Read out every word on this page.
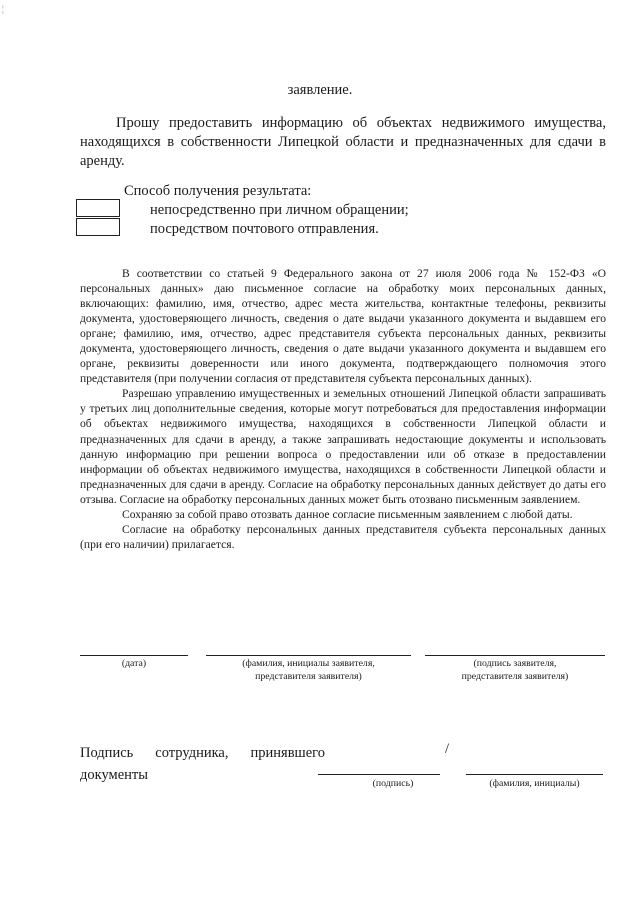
¦
заявление.

Прошу предоставить информацию об объектах недвижимого имущества, находящихся в собственности Липецкой области и предназначенных для сдачи в аренду.

Способ получения результата:
непосредственно при личном обращении;
посредством почтового отправления.

В соответствии со статьей 9 Федерального закона от 27 июля 2006 года № 152-ФЗ «О персональных данных» даю письменное согласие на обработку моих персональных данных, включающих: фамилию, имя, отчество, адрес места жительства, контактные телефоны, реквизиты документа, удостоверяющего личность, сведения о дате выдачи указанного документа и выдавшем его органе; фамилию, имя, отчество, адрес представителя субъекта персональных данных, реквизиты документа, удостоверяющего личность, сведения о дате выдачи указанного документа и выдавшем его органе, реквизиты доверенности или иного документа, подтверждающего полномочия этого представителя (при получении согласия от представителя субъекта персональных данных).

Разрешаю управлению имущественных и земельных отношений Липецкой области запрашивать у третьих лиц дополнительные сведения, которые могут потребоваться для предоставления информации об объектах недвижимого имущества, находящихся в собственности Липецкой области и предназначенных для сдачи в аренду, а также запрашивать недостающие документы и использовать данную информацию при решении вопроса о предоставлении или об отказе в предоставлении информации об объектах недвижимого имущества, находящихся в собственности Липецкой области и предназначенных для сдачи в аренду. Согласие на обработку персональных данных действует до даты его отзыва. Согласие на обработку персональных данных может быть отозвано письменным заявлением.

Сохраняю за собой право отозвать данное согласие письменным заявлением с любой даты.

Согласие на обработку персональных данных представителя субъекта персональных данных (при его наличии) прилагается.

(дата)	(фамилия, инициалы заявителя,
представителя заявителя)
(подпись заявителя,
представителя заявителя)
Подпись сотрудника, принявшего
документы
/
(подпись)	(фамилия, инициалы)
